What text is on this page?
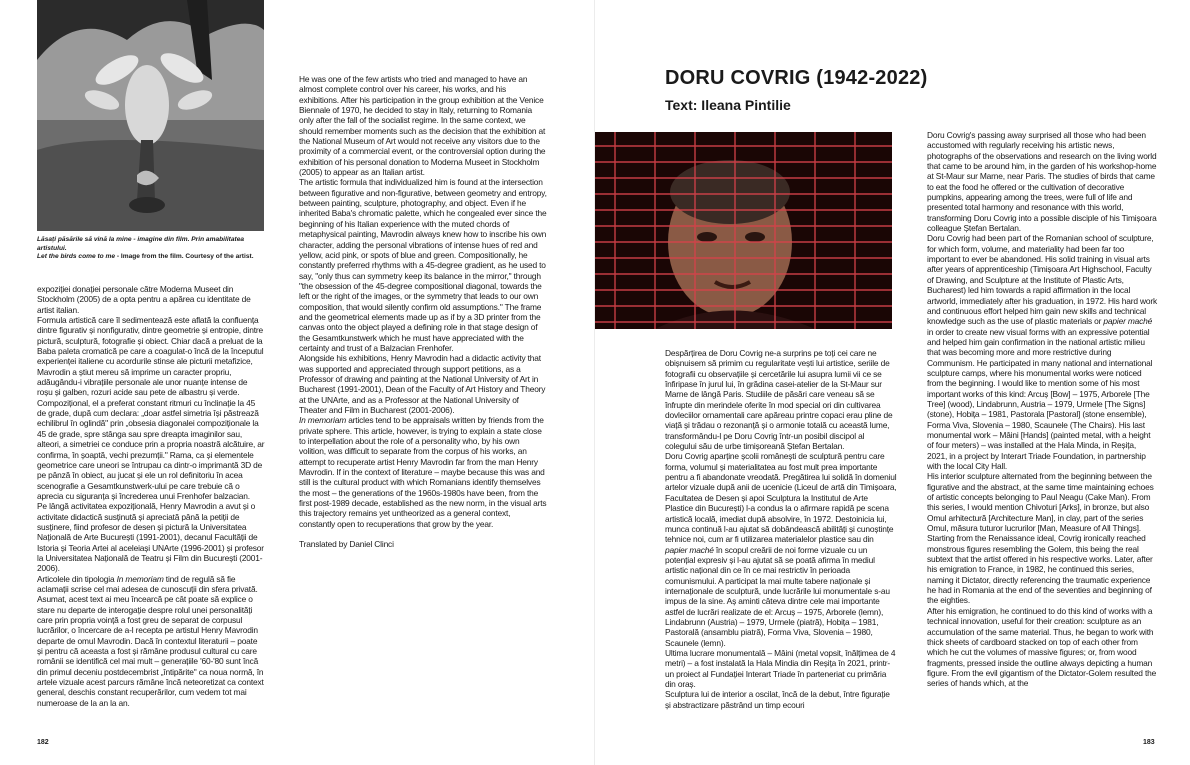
Lăsați păsările să vină la mine - imagine din film. Prin amabilitatea artistului.
Let the birds come to me - Image from the film. Courtesy of the artist.

expoziției donației personale către Moderna Museet din Stockholm (2005) de a opta pentru a apărea cu identitate de artist italian.

Formula artistică care îl sedimentează este aflată la confluența dintre figurativ și nonfigurativ, dintre geometrie și entropie, dintre pictură, sculptură, fotografie și obiect. Chiar dacă a preluat de la Baba paleta cromatică pe care a coagulat-o încă de la începutul experienței italiene cu acordurile stinse ale picturii metafizice, Mavrodin a știut mereu să imprime un caracter propriu, adăugându-i vibrațiile personale ale unor nuanțe intense de roșu și galben, rozuri acide sau pete de albastru și verde. Compozițional, el a preferat constant ritmuri cu înclinație la 45 de grade, după cum declara: „doar astfel simetria își păstrează echilibrul în oglindă" prin „obsesia diagonalei compoziționale la 45 de grade, spre stânga sau spre dreapta imaginilor sau, alteori, a simetriei ce conduce prin a propria noastră alcătuire, ar confirma, în șoaptă, vechi prezumții." Rama, ca și elementele geometrice care uneori se întrupau ca dintr-o imprimantă 3D de pe pânză în obiect, au jucat și ele un rol definitoriu în acea scenografie a Gesamtkunstwerk-ului pe care trebuie că o aprecia cu siguranța și încrederea unui Frenhofer balzacian.

Pe lângă activitatea expozițională, Henry Mavrodin a avut și o activitate didactică susținută și apreciată până la petiții de susținere, fiind profesor de desen și pictură la Universitatea Națională de Arte București (1991-2001), decanul Facultății de Istoria și Teoria Artei al aceleiași UNArte (1996-2001) și profesor la Universitatea Națională de Teatru și Film din București (2001-2006).

Articolele din tipologia In memoriam tind de regulă să fie aclamații scrise cel mai adesea de cunoscuții din sfera privată. Asumat, acest text ai meu încearcă pe cât poate să explice o stare nu departe de interogație despre rolul unei personalități care prin propria voință a fost greu de separat de corpusul lucrărilor, o încercare de a-l recepta pe artistul Henry Mavrodin departe de omul Mavrodin. Dacă în contextul literaturii – poate și pentru că aceasta a fost și rămâne produsul cultural cu care românii se identifică cel mai mult – generațiile '60-'80 sunt încă din primul deceniu postdecembrist „întipărite" ca noua normă, în artele vizuale acest parcurs rămâne încă neteoretizat ca context general, deschis constant recuperărilor, cum vedem tot mai numeroase de la an la an.

He was one of the few artists who tried and managed to have an almost complete control over his career, his works, and his exhibitions. After his participation in the group exhibition at the Venice Biennale of 1970, he decided to stay in Italy, returning to Romania only after the fall of the socialist regime. In the same context, we should remember moments such as the decision that the exhibition at the National Museum of Art would not receive any visitors due to the proximity of a commercial event, or the controversial option during the exhibition of his personal donation to Moderna Museet in Stockholm (2005) to appear as an Italian artist.

The artistic formula that individualized him is found at the intersection between figurative and non-figurative, between geometry and entropy, between painting, sculpture, photography, and object. Even if he inherited Baba's chromatic palette, which he congealed ever since the beginning of his Italian experience with the muted chords of metaphysical painting, Mavrodin always knew how to inscribe his own character, adding the personal vibrations of intense hues of red and yellow, acid pink, or spots of blue and green. Compositionally, he constantly preferred rhythms with a 45-degree gradient, as he used to say, "only thus can symmetry keep its balance in the mirror," through "the obsession of the 45-degree compositional diagonal, towards the left or the right of the images, or the symmetry that leads to our own composition, that would silently confirm old assumptions." The frame and the geometrical elements made up as if by a 3D printer from the canvas onto the object played a defining role in that stage design of the Gesamtkunstwerk which he must have appreciated with the certainty and trust of a Balzacian Frenhofer.

Alongside his exhibitions, Henry Mavrodin had a didactic activity that was supported and appreciated through support petitions, as a Professor of drawing and painting at the National University of Art in Bucharest (1991-2001), Dean of the Faculty of Art History and Theory at the UNArte, and as a Professor at the National University of Theater and Film in Bucharest (2001-2006).

In memoriam articles tend to be appraisals written by friends from the private sphere. This article, however, is trying to explain a state close to interpellation about the role of a personality who, by his own volition, was difficult to separate from the corpus of his works, an attempt to recuperate artist Henry Mavrodin far from the man Henry Mavrodin. If in the context of literature – maybe because this was and still is the cultural product with which Romanians identify themselves the most – the generations of the 1960s-1980s have been, from the first post-1989 decade, established as the new norm, in the visual arts this trajectory remains yet untheorized as a general context, constantly open to recuperations that grow by the year.

Translated by Daniel Clinci

182
DORU COVRIG (1942-2022)
Text: Ileana Pintilie

Despărțirea de Doru Covrig ne-a surprins pe toți cei care ne obișnuisem să primim cu regularitate vești lui artistice, seriile de fotografii cu observațiile și cercetările lui asupra lumii vii ce se înfiripase în jurul lui, în grădina casei-atelier de la St-Maur sur Marne de lângă Paris. Studiile de păsări care veneau să se înfrupte din merindele oferite în mod special ori din cultivarea dovleciilor ornamentali care apăreau printre copaci erau pline de viață și trădau o rezonanță și o armonie totală cu această lume, transformându-l pe Doru Covrig într-un posibil discipol al colegului său de urbe timișoreană Ștefan Bertalan.

Doru Covrig aparține școlii românești de sculptură pentru care forma, volumul și materialitatea au fost mult prea importante pentru a fi abandonate vreodată. Pregătirea lui solidă în domeniul artelor vizuale după anii de ucenicie (Liceul de artă din Timișoara, Facultatea de Desen și apoi Sculptura la Institutul de Arte Plastice din București) l-a condus la o afirmare rapidă pe scena artistică locală, imediat după absolvire, în 1972. Destoinicia lui, munca continuă l-au ajutat să dobândească abilități și cunoștințe tehnice noi, cum ar fi utilizarea materialelor plastice sau din papier maché în scopul creării de noi forme vizuale cu un potențial expresiv și l-au ajutat să se poată afirma în mediul artistic național din ce în ce mai restrictiv în perioada comunismului. A participat la mai multe tabere naționale și internaționale de sculptură, unde lucrările lui monumentale s-au impus de la sine. Aș aminti câteva dintre cele mai importante astfel de lucrări realizate de el: Arcuș – 1975, Arborele (lemn), Lindabrunn (Austria) – 1979, Urmele (piatră), Hobița – 1981, Pastorală (ansamblu piatră), Forma Viva, Slovenia – 1980, Scaunele (lemn).

Ultima lucrare monumentală – Mâini (metal vopsit, înălțimea de 4 metri) – a fost instalată la Hala Mindia din Reșița în 2021, printr-un proiect al Fundației Interart Triade în parteneriat cu primăria din oraș.

Sculptura lui de interior a oscilat, încă de la debut, între figurație și abstractizare păstrând un timp ecouri

Doru Covrig's passing away surprised all those who had been accustomed with regularly receiving his artistic news, photographs of the observations and research on the living world that came to be around him, in the garden of his workshop-home at St-Maur sur Marne, near Paris. The studies of birds that came to eat the food he offered or the cultivation of decorative pumpkins, appearing among the trees, were full of life and presented total harmony and resonance with this world, transforming Doru Covrig into a possible disciple of his Timișoara colleague Ștefan Bertalan.

Doru Covrig had been part of the Romanian school of sculpture, for which form, volume, and materiality had been far too important to ever be abandoned. His solid training in visual arts after years of apprenticeship (Timișoara Art Highschool, Faculty of Drawing, and Sculpture at the Institute of Plastic Arts, Bucharest) led him towards a rapid affirmation in the local artworld, immediately after his graduation, in 1972. His hard work and continuous effort helped him gain new skills and technical knowledge such as the use of plastic materials or papier maché in order to create new visual forms with an expressive potential and helped him gain confirmation in the national artistic milieu that was becoming more and more restrictive during Communism. He participated in many national and international sculpture camps, where his monumental works were noticed from the beginning. I would like to mention some of his most important works of this kind: Arcuș [Bow] – 1975, Arborele [The Tree] (wood), Lindabrunn, Austria – 1979, Urmele [The Signs] (stone), Hobița – 1981, Pastorala [Pastoral] (stone ensemble), Forma Viva, Slovenia – 1980, Scaunele (The Chairs). His last monumental work – Mâini [Hands] (painted metal, with a height of four meters) – was installed at the Hala Minda, in Reșița, 2021, in a project by Interart Triade Foundation, in partnership with the local City Hall.

His interior sculpture alternated from the beginning between the figurative and the abstract, at the same time maintaining echoes of artistic concepts belonging to Paul Neagu (Cake Man). From this series, I would mention Chivoturi [Arks], in bronze, but also Omul arhitectură [Architecture Man], in clay, part of the series Omul, măsura tuturor lucrurilor [Man, Measure of All Things]. Starting from the Renaissance ideal, Covrig ironically reached monstrous figures resembling the Golem, this being the real subtext that the artist offered in his respective works. Later, after his emigration to France, in 1982, he continued this series, naming it Dictator, directly referencing the traumatic experience he had in Romania at the end of the seventies and beginning of the eighties.

After his emigration, he continued to do this kind of works with a technical innovation, useful for their creation: sculpture as an accumulation of the same material. Thus, he began to work with thick sheets of cardboard stacked on top of each other from which he cut the volumes of massive figures; or, from wood fragments, pressed inside the outline always depicting a human figure. From the evil gigantism of the Dictator-Golem resulted the series of hands which, at the

183
